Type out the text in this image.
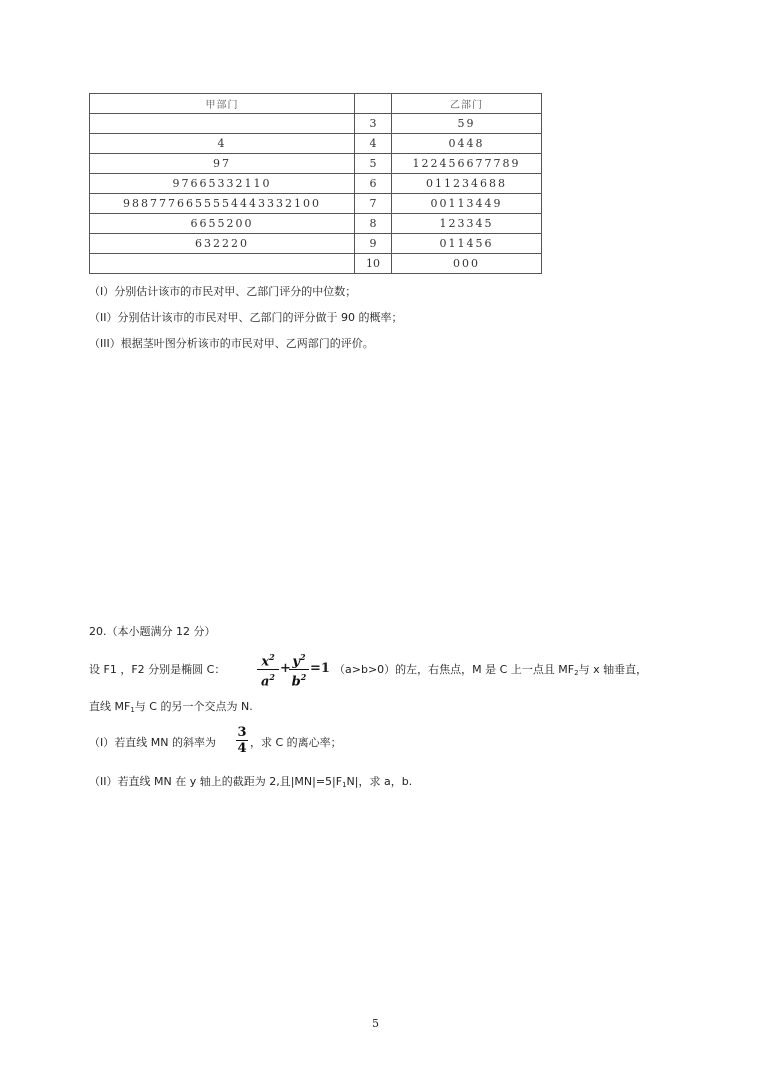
甲部门		乙部门
	3	59
4	4	0448
97	5	122456677789
97665332110	6	011234688
98877766555544433321​00	7	00113449
6655200	8	123345
632220	9	011456
	10	000
（I）分别估计该市的市民对甲、乙部门评分的中位数；
（II）分别估计该市的市民对甲、乙部门的评分做于 90 的概率；
（III）根据茎叶图分析该市的市民对甲、乙两部门的评价。
20.（本小题满分 12 分）
设 F1 ，F2 分别是椭圆 C：
$x^2$
$a^2$
+ $y^2$
$b^2$
=1 （a>b>0）的左，右焦点，M 是 C 上一点且 $MF_2$与 x 轴垂直，
直线 $MF_1$与 C 的另一个交点为 N.
（I）若直线 MN 的斜率为
3
4 ，求 C 的离心率；
（II）若直线 MN 在 y 轴上的截距为 2,且$|MN|=5|F_1N|$，求 a，b.
5
